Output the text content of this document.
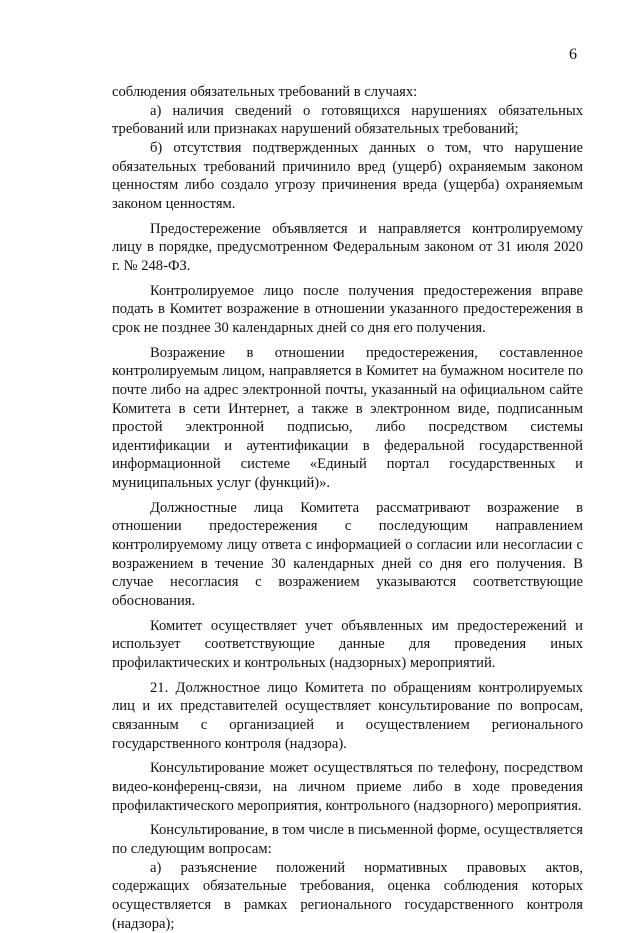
6

соблюдения обязательных требований в случаях:

а) наличия сведений о готовящихся нарушениях обязательных требований или признаках нарушений обязательных требований;

б) отсутствия подтвержденных данных о том, что нарушение обязательных требований причинило вред (ущерб) охраняемым законом ценностям либо создало угрозу причинения вреда (ущерба) охраняемым законом ценностям.

Предостережение объявляется и направляется контролируемому лицу в порядке, предусмотренном Федеральным законом от 31 июля 2020 г. № 248-ФЗ.

Контролируемое лицо после получения предостережения вправе подать в Комитет возражение в отношении указанного предостережения в срок не позднее 30 календарных дней со дня его получения.

Возражение в отношении предостережения, составленное контролируемым лицом, направляется в Комитет на бумажном носителе по почте либо на адрес электронной почты, указанный на официальном сайте Комитета в сети Интернет, а также в электронном виде, подписанным простой электронной подписью, либо посредством системы идентификации и аутентификации в федеральной государственной информационной системе «Единый портал государственных и муниципальных услуг (функций)».

Должностные лица Комитета рассматривают возражение в отношении предостережения с последующим направлением контролируемому лицу ответа с информацией о согласии или несогласии с возражением в течение 30 календарных дней со дня его получения. В случае несогласия с возражением указываются соответствующие обоснования.

Комитет осуществляет учет объявленных им предостережений и использует соответствующие данные для проведения иных профилактических и контрольных (надзорных) мероприятий.

21. Должностное лицо Комитета по обращениям контролируемых лиц и их представителей осуществляет консультирование по вопросам, связанным с организацией и осуществлением регионального государственного контроля (надзора).

Консультирование может осуществляться по телефону, посредством видео-конференц-связи, на личном приеме либо в ходе проведения профилактического мероприятия, контрольного (надзорного) мероприятия.

Консультирование, в том числе в письменной форме, осуществляется по следующим вопросам:

а) разъяснение положений нормативных правовых актов, содержащих обязательные требования, оценка соблюдения которых осуществляется в рамках регионального государственного контроля (надзора);
